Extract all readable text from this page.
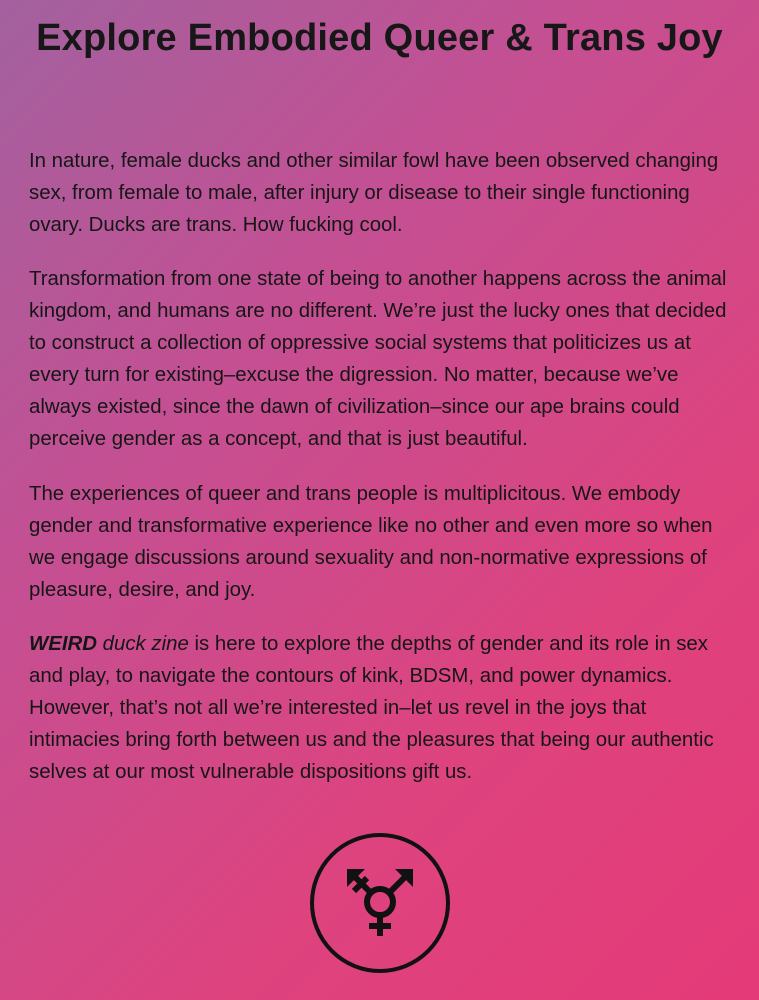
Explore Embodied Queer & Trans Joy

In nature, female ducks and other similar fowl have been observed changing sex, from female to male, after injury or disease to their single functioning ovary. Ducks are trans. How fucking cool.

Transformation from one state of being to another happens across the animal kingdom, and humans are no different. We’re just the lucky ones that decided to construct a collection of oppressive social systems that politicizes us at every turn for existing–excuse the digression. No matter, because we’ve always existed, since the dawn of civilization–since our ape brains could perceive gender as a concept, and that is just beautiful.

The experiences of queer and trans people is multiplicitous. We embody gender and transformative experience like no other and even more so when we engage discussions around sexuality and non-normative expressions of pleasure, desire, and joy.

WEIRD duck zine is here to explore the depths of gender and its role in sex and play, to navigate the contours of kink, BDSM, and power dynamics. However, that’s not all we’re interested in–let us revel in the joys that intimacies bring forth between us and the pleasures that being our authentic selves at our most vulnerable dispositions gift us.
